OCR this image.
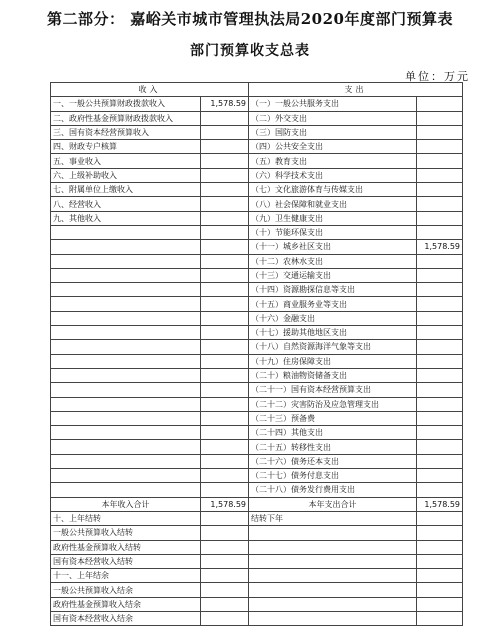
第二部分： 嘉峪关市城市管理执法局2020年度部门预算表
部门预算收支总表
单位：万元
收入		支出	
一、一般公共预算财政拨款收入	1,578.59	（一）一般公共服务支出	
二、政府性基金预算财政拨款收入		（二）外交支出	
三、国有资本经营预算收入		（三）国防支出	
四、财政专户核算		（四）公共安全支出	
五、事业收入		（五）教育支出	
六、上级补助收入		（六）科学技术支出	
七、附属单位上缴收入		（七）文化旅游体育与传媒支出	
八、经营收入		（八）社会保障和就业支出	
九、其他收入		（九）卫生健康支出	
		（十）节能环保支出	
		（十一）城乡社区支出	1,578.59
		（十二）农林水支出	
		（十三）交通运输支出	
		（十四）资源勘探信息等支出	
		（十五）商业服务业等支出	
		（十六）金融支出	
		（十七）援助其他地区支出	
		（十八）自然资源海洋气象等支出	
		（十九）住房保障支出	
		（二十）粮油物资储备支出	
		（二十一）国有资本经营预算支出	
		（二十二）灾害防治及应急管理支出	
		（二十三）预备费	
		（二十四）其他支出	
		（二十五）转移性支出	
		（二十六）债务还本支出	
		（二十七）债务付息支出	
		（二十八）债务发行费用支出	
本年收入合计	1,578.59	本年支出合计	1,578.59
十、上年结转		结转下年	
一般公共预算收入结转			
政府性基金预算收入结转			
国有资本经营收入结转			
十一、上年结余			
一般公共预算收入结余			
政府性基金预算收入结余			
国有资本经营收入结余			
